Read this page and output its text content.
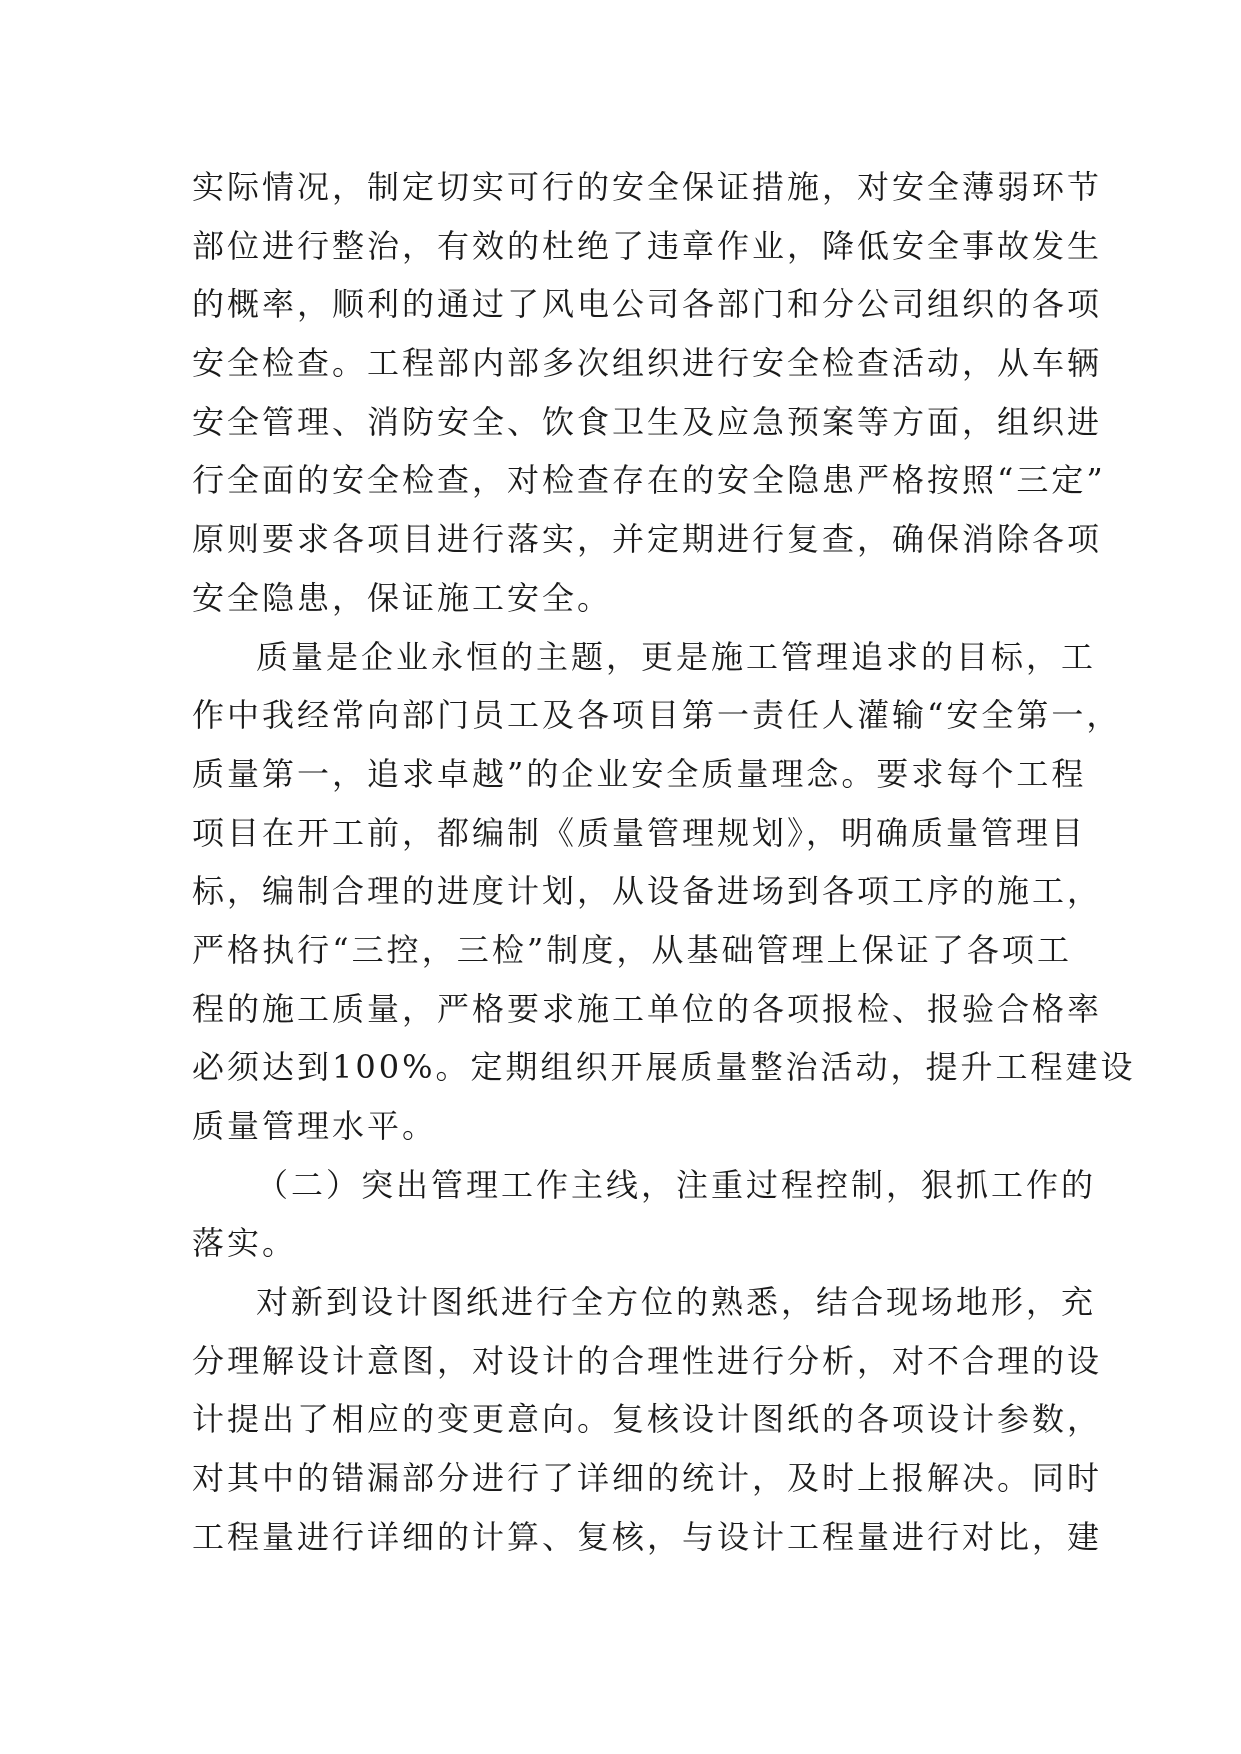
实际情况，制定切实可行的安全保证措施，对安全薄弱环节
部位进行整治，有效的杜绝了违章作业，降低安全事故发生
的概率，顺利的通过了风电公司各部门和分公司组织的各项
安全检查。工程部内部多次组织进行安全检查活动，从车辆
安全管理、消防安全、饮食卫生及应急预案等方面，组织进
行全面的安全检查，对检查存在的安全隐患严格按照“三定”
原则要求各项目进行落实，并定期进行复查，确保消除各项
安全隐患，保证施工安全。
质量是企业永恒的主题，更是施工管理追求的目标，工
作中我经常向部门员工及各项目第一责任人灌输“安全第一，
质量第一，追求卓越”的企业安全质量理念。要求每个工程
项目在开工前，都编制《质量管理规划》，明确质量管理目
标，编制合理的进度计划，从设备进场到各项工序的施工，
严格执行“三控，三检”制度，从基础管理上保证了各项工
程的施工质量，严格要求施工单位的各项报检、报验合格率
必须达到100%。定期组织开展质量整治活动，提升工程建设
质量管理水平。
（二）突出管理工作主线，注重过程控制，狠抓工作的
落实。
对新到设计图纸进行全方位的熟悉，结合现场地形，充
分理解设计意图，对设计的合理性进行分析，对不合理的设
计提出了相应的变更意向。复核设计图纸的各项设计参数，
对其中的错漏部分进行了详细的统计，及时上报解决。同时
工程量进行详细的计算、复核，与设计工程量进行对比，建
